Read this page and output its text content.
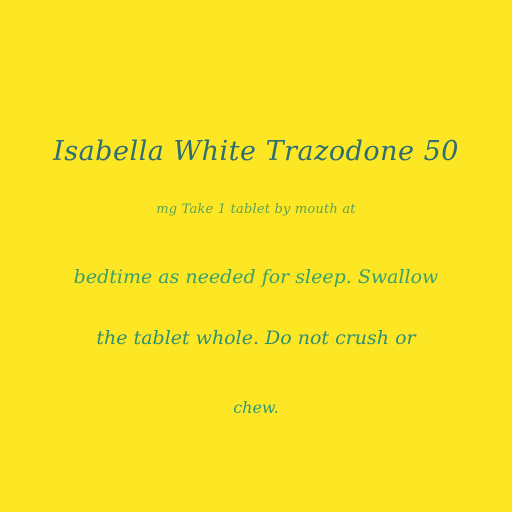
Isabella White Trazodone 50
mg Take 1 tablet by mouth at
bedtime as needed for sleep. Swallow
the tablet whole. Do not crush or
chew.
